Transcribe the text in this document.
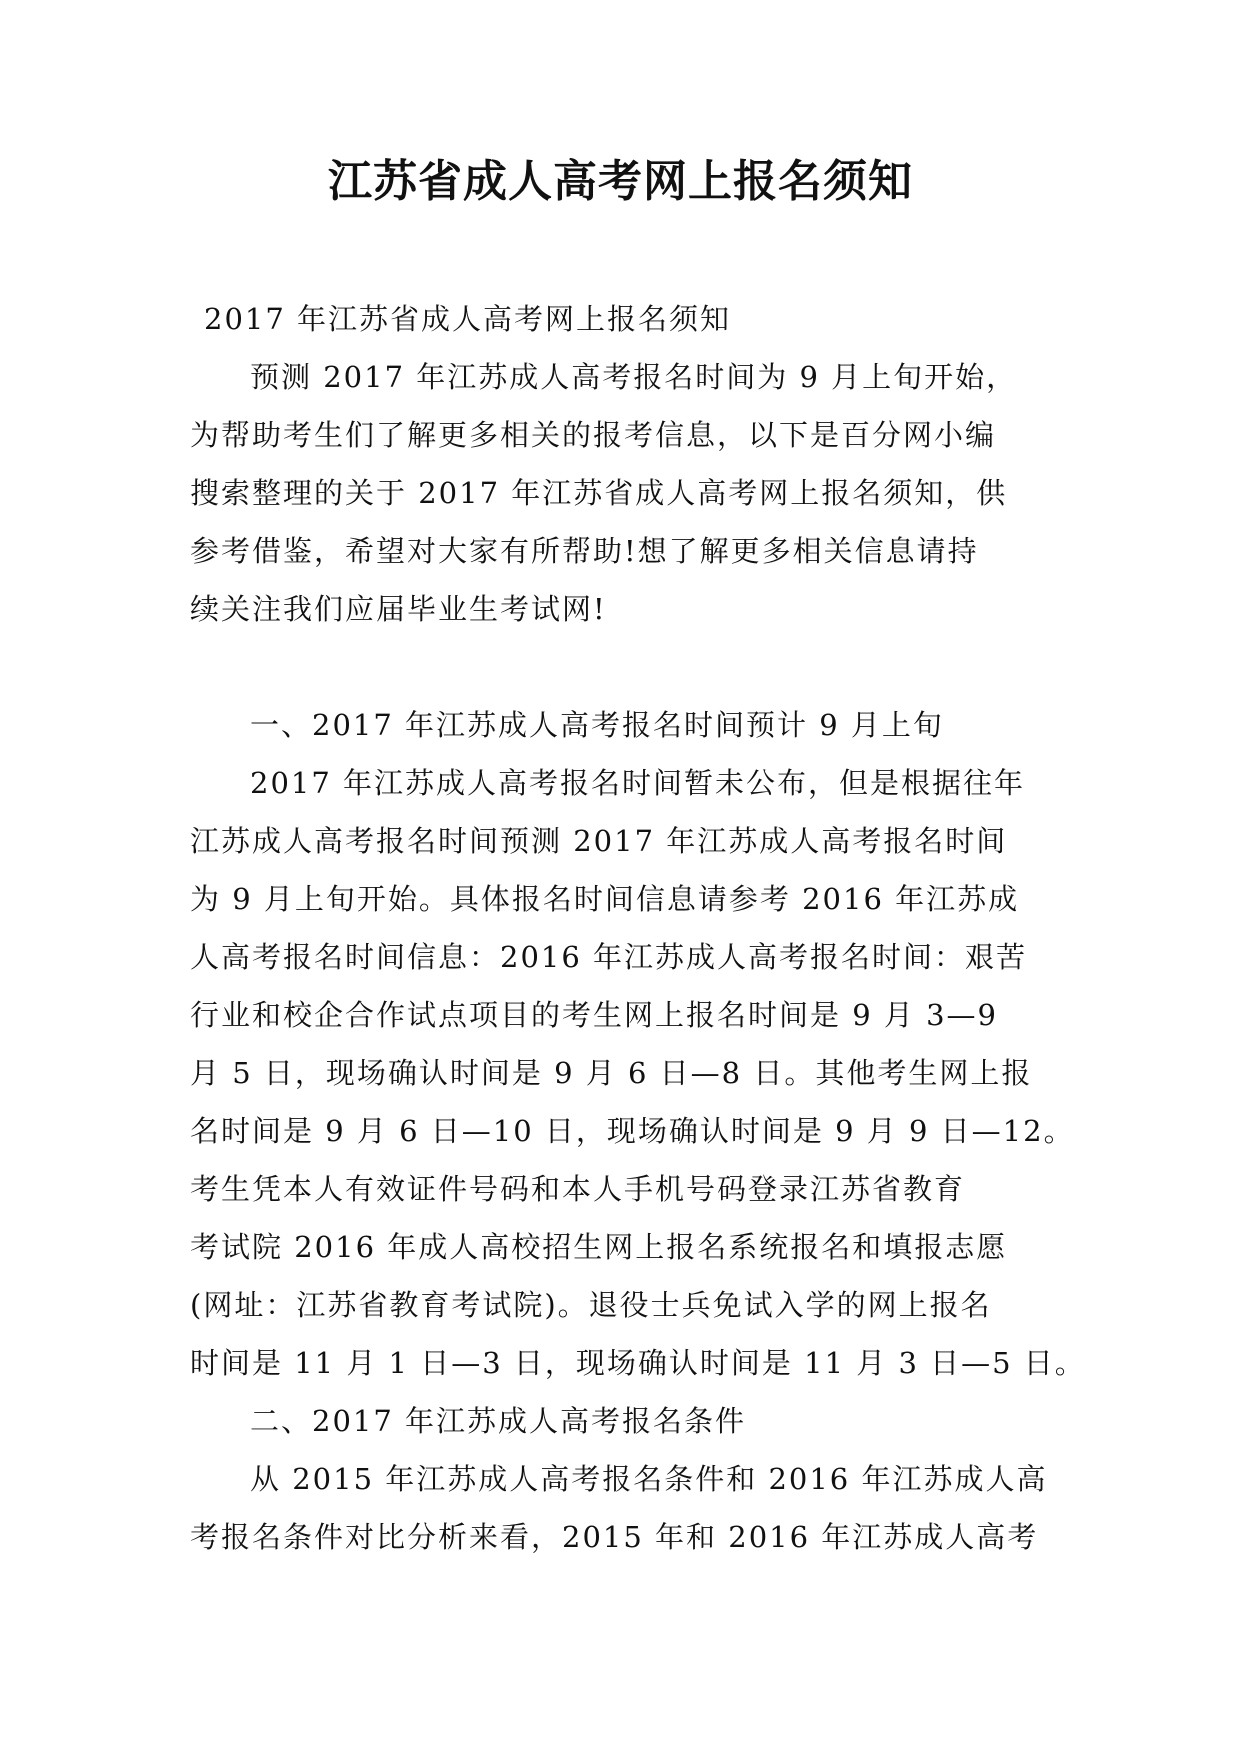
江苏省成人高考网上报名须知
2017 年江苏省成人高考网上报名须知
预测 2017 年江苏成人高考报名时间为 9 月上旬开始，
为帮助考生们了解更多相关的报考信息，以下是百分网小编
搜索整理的关于 2017 年江苏省成人高考网上报名须知，供
参考借鉴，希望对大家有所帮助!想了解更多相关信息请持
续关注我们应届毕业生考试网!
一、2017 年江苏成人高考报名时间预计 9 月上旬
2017 年江苏成人高考报名时间暂未公布，但是根据往年
江苏成人高考报名时间预测 2017 年江苏成人高考报名时间
为 9 月上旬开始。具体报名时间信息请参考 2016 年江苏成
人高考报名时间信息：2016 年江苏成人高考报名时间：艰苦
行业和校企合作试点项目的考生网上报名时间是 9 月 3—9
月 5 日，现场确认时间是 9 月 6 日—8 日。其他考生网上报
名时间是 9 月 6 日—10 日，现场确认时间是 9 月 9 日—12。
考生凭本人有效证件号码和本人手机号码登录江苏省教育
考试院 2016 年成人高校招生网上报名系统报名和填报志愿
(网址：江苏省教育考试院)。退役士兵免试入学的网上报名
时间是 11 月 1 日—3 日，现场确认时间是 11 月 3 日—5 日。
二、2017 年江苏成人高考报名条件
从 2015 年江苏成人高考报名条件和 2016 年江苏成人高
考报名条件对比分析来看，2015 年和 2016 年江苏成人高考
